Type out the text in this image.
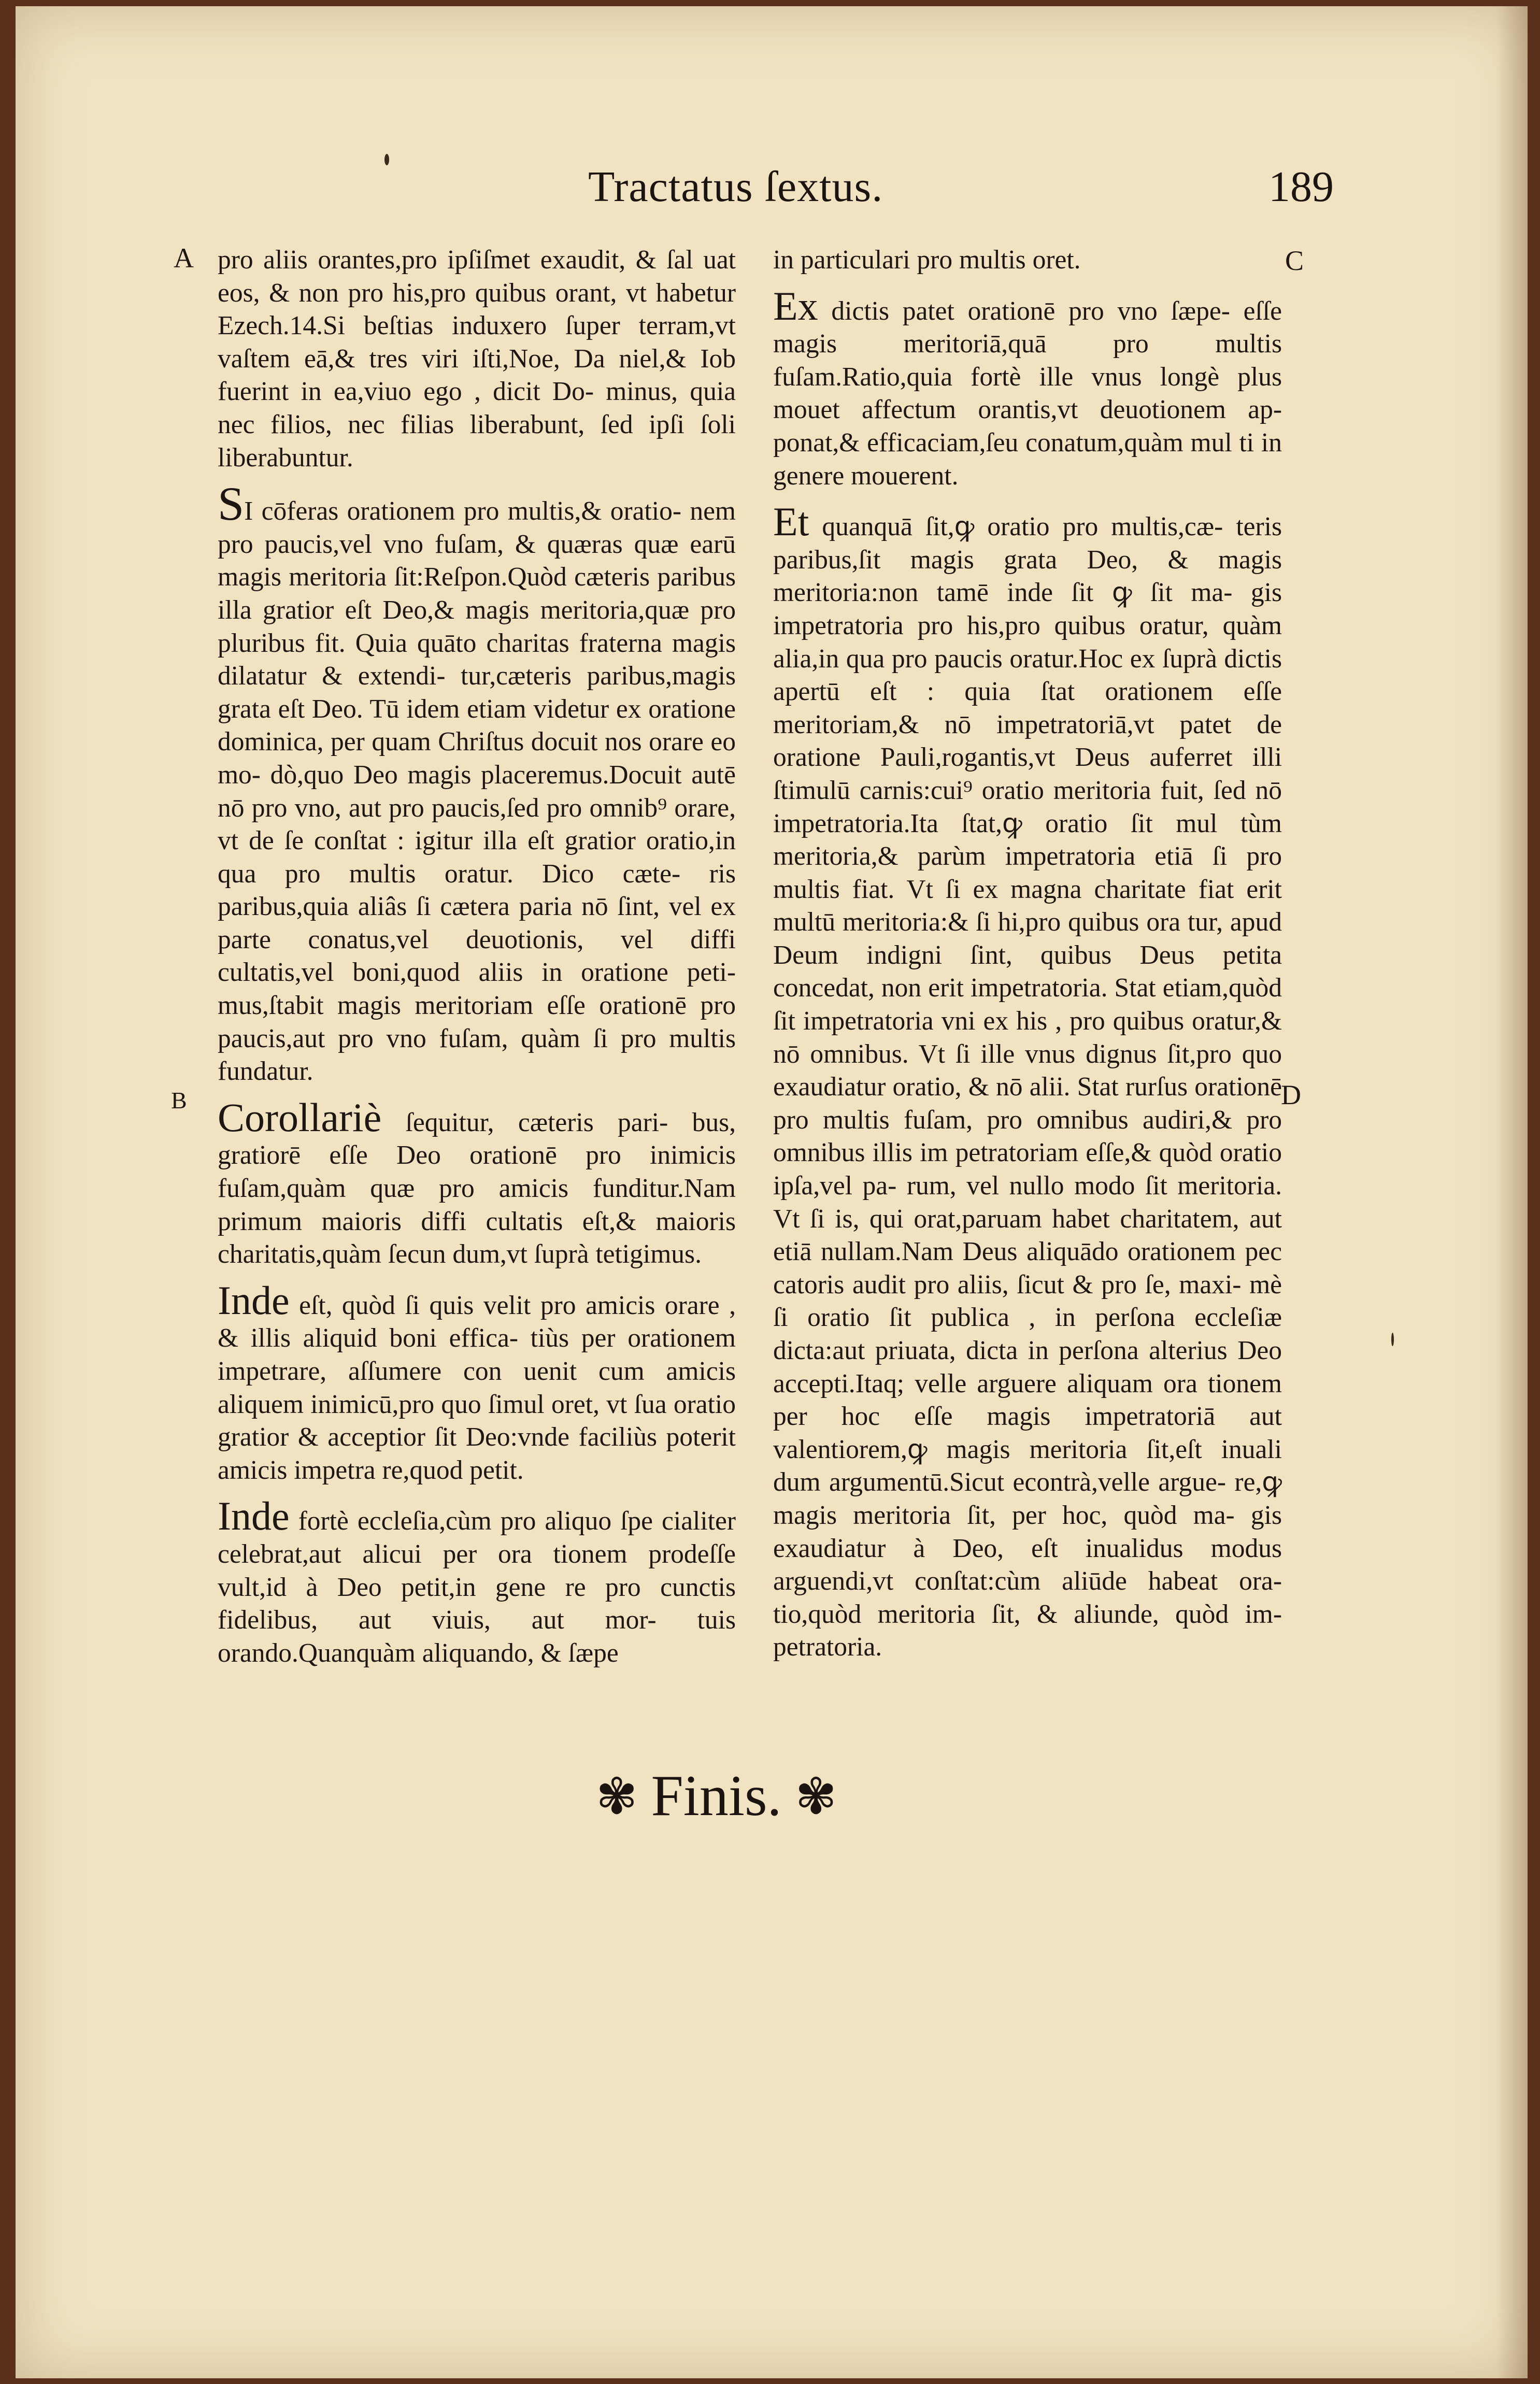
Tractatus ſextus.	189
A
B
C
D

pro aliis orantes,pro ipſiſmet exaudit, & ſal uat eos, & non pro his,pro quibus orant, vt habetur Ezech.14.Si beſtias induxero ſuper terram,vt vaſtem eā,& tres viri iſti,Noe, Da niel,& Iob fuerint in ea,viuo ego , dicit Do- minus, quia nec filios, nec filias liberabunt, ſed ipſi ſoli liberabuntur.

SI cōferas orationem pro multis,& oratio- nem pro paucis,vel vno fuſam, & quæras quæ earū magis meritoria ſit:Reſpon.Quòd cæteris paribus illa gratior eſt Deo,& magis meritoria,quæ pro pluribus fit. Quia quāto charitas fraterna magis dilatatur & extendi- tur,cæteris paribus,magis grata eſt Deo. Tū idem etiam videtur ex oratione dominica, per quam Chriſtus docuit nos orare eo mo- dò,quo Deo magis placeremus.Docuit autē nō pro vno, aut pro paucis,ſed pro omnib⁹ orare, vt de ſe conſtat : igitur illa eſt gratior oratio,in qua pro multis oratur. Dico cæte- ris paribus,quia aliâs ſi cætera paria nō ſint, vel ex parte conatus,vel deuotionis, vel diffi cultatis,vel boni,quod aliis in oratione peti- mus,ſtabit magis meritoriam eſſe orationē pro paucis,aut pro vno fuſam, quàm ſi pro multis fundatur.

Corollariè ſequitur, cæteris pari- bus, gratiorē eſſe Deo orationē pro inimicis fuſam,quàm quæ pro amicis funditur.Nam primum maioris diffi cultatis eſt,& maioris charitatis,quàm ſecun dum,vt ſuprà tetigimus.

Inde eſt, quòd ſi quis velit pro amicis orare , & illis aliquid boni effica- tiùs per orationem impetrare, aſſumere con uenit cum amicis aliquem inimicū,pro quo ſimul oret, vt ſua oratio gratior & acceptior ſit Deo:vnde faciliùs poterit amicis impetra re,quod petit.

Inde fortè eccleſia,cùm pro aliquo ſpe cialiter celebrat,aut alicui per ora tionem prodeſſe vult,id à Deo petit,in gene re pro cunctis fidelibus, aut viuis, aut mor- tuis orando.Quanquàm aliquando, & ſæpe

in particulari pro multis oret.

Ex dictis patet orationē pro vno ſæpe- eſſe magis meritoriā,quā pro multis fuſam.Ratio,quia fortè ille vnus longè plus mouet affectum orantis,vt deuotionem ap- ponat,& efficaciam,ſeu conatum,quàm mul ti in genere mouerent.

Et quanquā ſit,ꝙ oratio pro multis,cæ- teris paribus,ſit magis grata Deo, & magis meritoria:non tamē inde ſit ꝙ ſit ma- gis impetratoria pro his,pro quibus oratur, quàm alia,in qua pro paucis oratur.Hoc ex ſuprà dictis apertū eſt : quia ſtat orationem eſſe meritoriam,& nō impetratoriā,vt patet de oratione Pauli,rogantis,vt Deus auferret illi ſtimulū carnis:cui⁹ oratio meritoria fuit, ſed nō impetratoria.Ita ſtat,ꝙ oratio ſit mul tùm meritoria,& parùm impetratoria etiā ſi pro multis fiat. Vt ſi ex magna charitate fiat erit multū meritoria:& ſi hi,pro quibus ora tur, apud Deum indigni ſint, quibus Deus petita concedat, non erit impetratoria. Stat etiam,quòd ſit impetratoria vni ex his , pro quibus oratur,& nō omnibus. Vt ſi ille vnus dignus ſit,pro quo exaudiatur oratio, & nō alii. Stat rurſus orationē pro multis fuſam, pro omnibus audiri,& pro omnibus illis im petratoriam eſſe,& quòd oratio ipſa,vel pa- rum, vel nullo modo ſit meritoria. Vt ſi is, qui orat,paruam habet charitatem, aut etiā nullam.Nam Deus aliquādo orationem pec catoris audit pro aliis, ſicut & pro ſe, maxi- mè ſi oratio ſit publica , in perſona eccleſiæ dicta:aut priuata, dicta in perſona alterius Deo accepti.Itaq; velle arguere aliquam ora tionem per hoc eſſe magis impetratoriā aut valentiorem,ꝙ magis meritoria ſit,eſt inuali dum argumentū.Sicut econtrà,velle argue- re,ꝙ magis meritoria ſit, per hoc, quòd ma- gis exaudiatur à Deo, eſt inualidus modus arguendi,vt conſtat:cùm aliūde habeat ora- tio,quòd meritoria ſit, & aliunde, quòd im- petratoria.

✾ Finis. ✾
